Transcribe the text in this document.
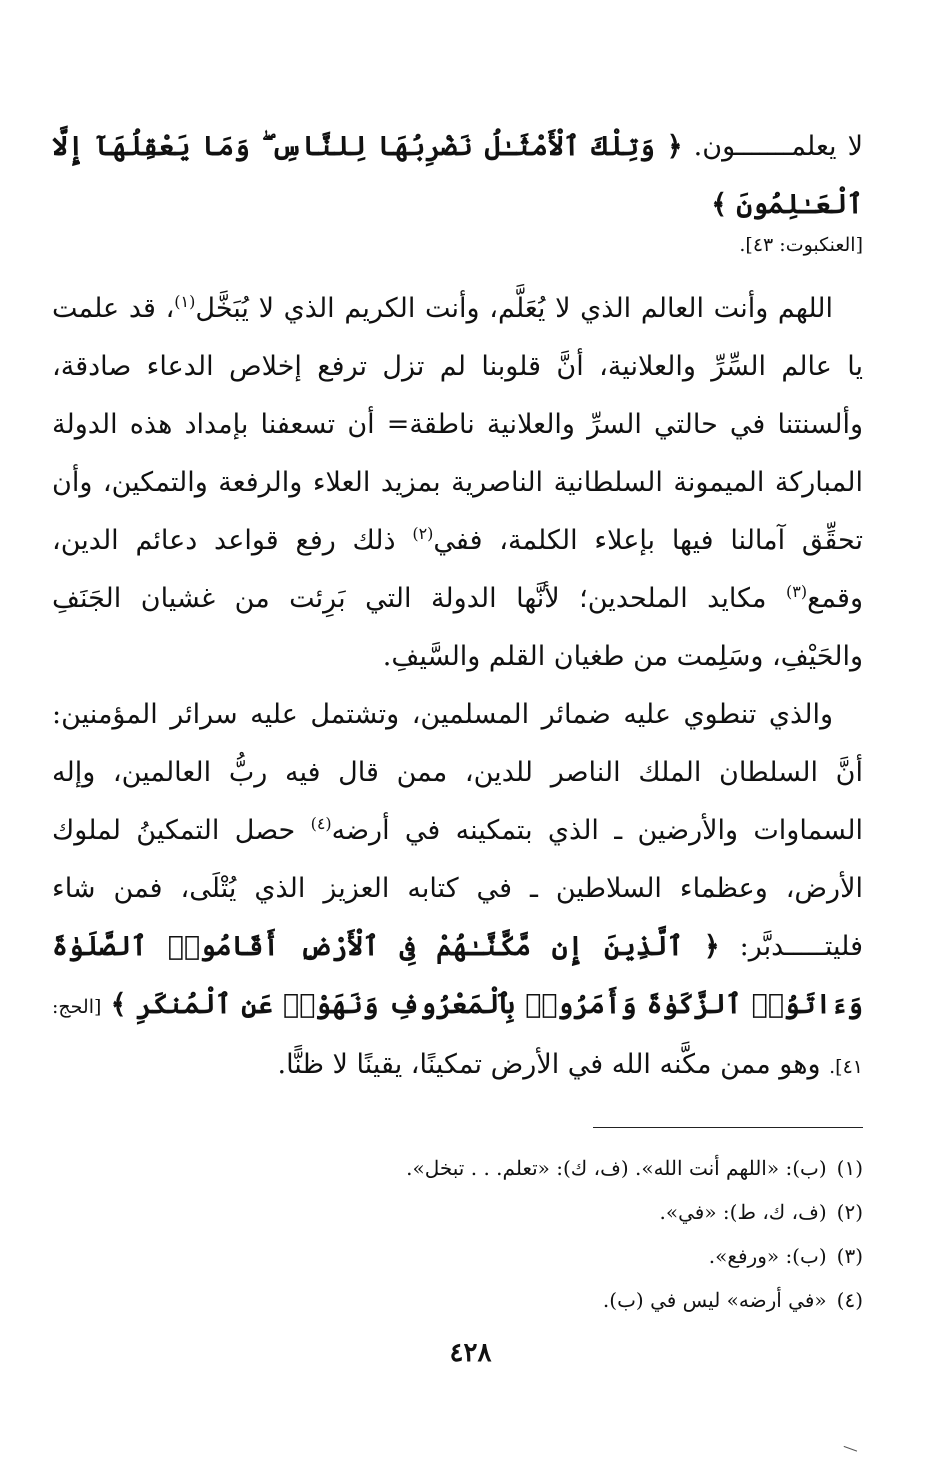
لا يعلمـــــــون. ﴿ وَتِلْكَ ٱلْأَمْثَـٰلُ نَضْرِبُهَا لِلنَّاسِ ۖ وَمَا يَعْقِلُهَآ إِلَّا ٱلْعَـٰلِمُونَ ﴾

[العنكبوت: ٤٣].

اللهم وأنت العالم الذي لا يُعَلَّم، وأنت الكريم الذي لا يُبَخَّل$^{(١)}$، قد علمت يا عالم السِّرِّ والعلانية، أنَّ قلوبنا لم تزل ترفع إخلاص الدعاء صادقة، وألسنتنا في حالتي السرِّ والعلانية ناطقة= أن تسعفنا بإمداد هذه الدولة المباركة الميمونة السلطانية الناصرية بمزيد العلاء والرفعة والتمكين، وأن تحقِّق آمالنا فيها بإعلاء الكلمة، ففي$^{(٢)}$ ذلك رفع قواعد دعائم الدين، وقمع$^{(٣)}$ مكايد الملحدين؛ لأنَّها الدولة التي بَرِئت من غشيان الجَنَفِ والحَيْفِ، وسَلِمت من طغيان القلم والسَّيفِ.

والذي تنطوي عليه ضمائر المسلمين، وتشتمل عليه سرائر المؤمنين: أنَّ السلطان الملك الناصر للدين، ممن قال فيه ربُّ العالمين، وإله السماوات والأرضين ـ الذي بتمكينه في أرضه$^{(٤)}$ حصل التمكينُ لملوك الأرض، وعظماء السلاطين ـ في كتابه العزيز الذي يُتْلَى، فمن شاء فليتـــــدبَّر: ﴿ ٱلَّذِينَ إِن مَّكَّنَّـٰهُمْ فِى ٱلْأَرْضِ أَقَامُوا۟ ٱلصَّلَوٰةَ وَءَاتَوُا۟ ٱلزَّكَوٰةَ وَأَمَرُوا۟ بِٱلْمَعْرُوفِ وَنَهَوْا۟ عَنِ ٱلْمُنكَرِ ﴾ [الحج: ٤١]. وهو ممن مكَّنه الله في الأرض تمكينًا، يقينًا لا ظنًّا.

(١)(ب): «اللهم أنت الله». (ف، ك): «تعلم. . . تبخل».
(٢)(ف، ك، ط): «في».
(٣)(ب): «ورفع».
(٤)«في أرضه» ليس في (ب).
٤٢٨
